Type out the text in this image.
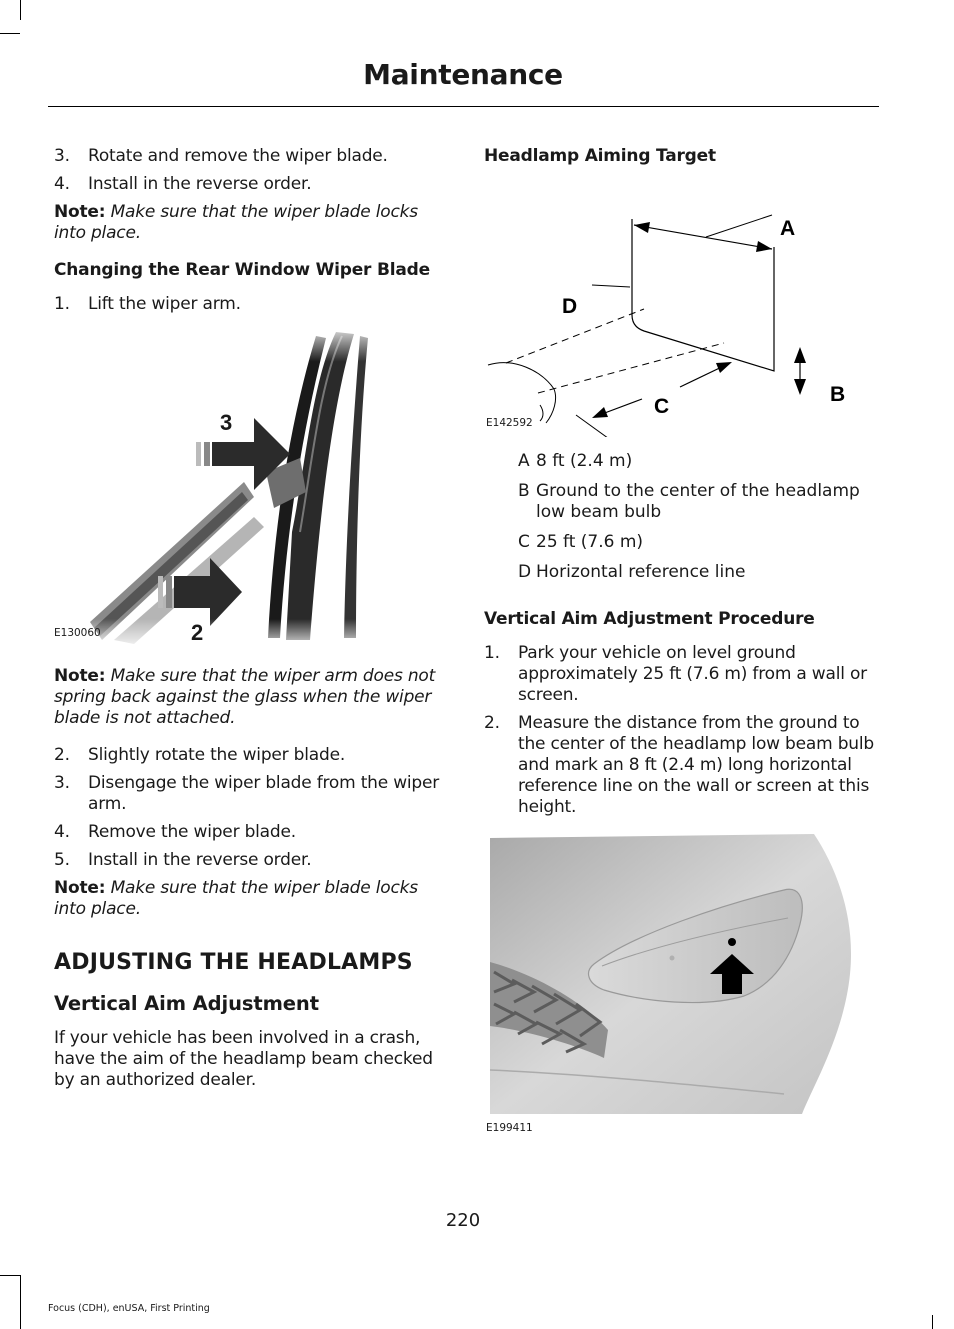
Maintenance
3.	Rotate and remove the wiper blade.
4.	Install in the reverse order.

Note: Make sure that the wiper blade locks into place.

Changing the Rear Window Wiper Blade
1.	Lift the wiper arm.
3
2
E130060

Note: Make sure that the wiper arm does not spring back against the glass when the wiper blade is not attached.

2.	Slightly rotate the wiper blade.
3.	Disengage the wiper blade from the wiper arm.
4.	Remove the wiper blade.
5.	Install in the reverse order.

Note: Make sure that the wiper blade locks into place.

ADJUSTING THE HEADLAMPS
Vertical Aim Adjustment

If your vehicle has been involved in a crash, have the aim of the headlamp beam checked by an authorized dealer.

Headlamp Aiming Target
A
D
B
C
E142592
A 8 ft (2.4 m)
B Ground to the center of the headlamp low beam bulb
C 25 ft (7.6 m)
D Horizontal reference line
Vertical Aim Adjustment Procedure
1.	Park your vehicle on level ground approximately 25 ft (7.6 m) from a wall or screen.
2.	Measure the distance from the ground to the center of the headlamp low beam bulb and mark an 8 ft (2.4 m) long horizontal reference line on the wall or screen at this height.
E199411
220
Focus (CDH), enUSA, First Printing
